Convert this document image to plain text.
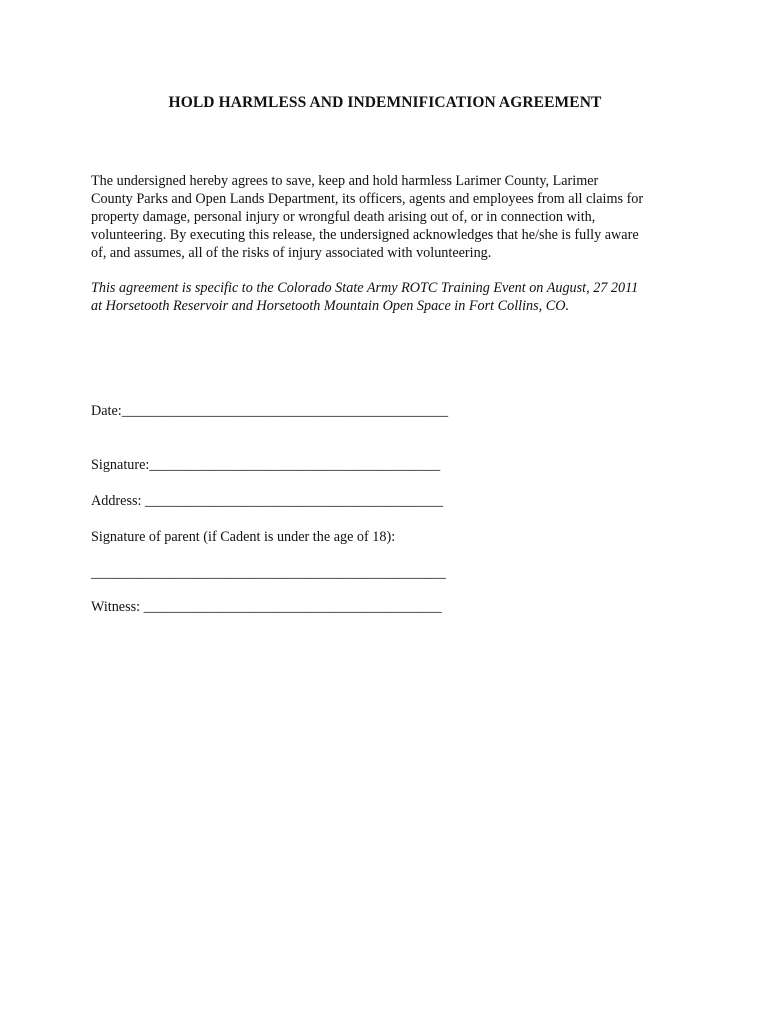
HOLD HARMLESS AND INDEMNIFICATION AGREEMENT
The undersigned hereby agrees to save, keep and hold harmless Larimer County, Larimer
County Parks and Open Lands Department, its officers, agents and employees from all claims for
property damage, personal injury or wrongful death arising out of, or in connection with,
volunteering. By executing this release, the undersigned acknowledges that he/she is fully aware
of, and assumes, all of the risks of injury associated with volunteering.
This agreement is specific to the Colorado State Army ROTC Training Event on August, 27 2011
at Horsetooth Reservoir and Horsetooth Mountain Open Space in Fort Collins, CO.
Date:______________________________________________
Signature:_________________________________________
Address: __________________________________________
Signature of parent (if Cadent is under the age of 18):
__________________________________________________
Witness: __________________________________________
